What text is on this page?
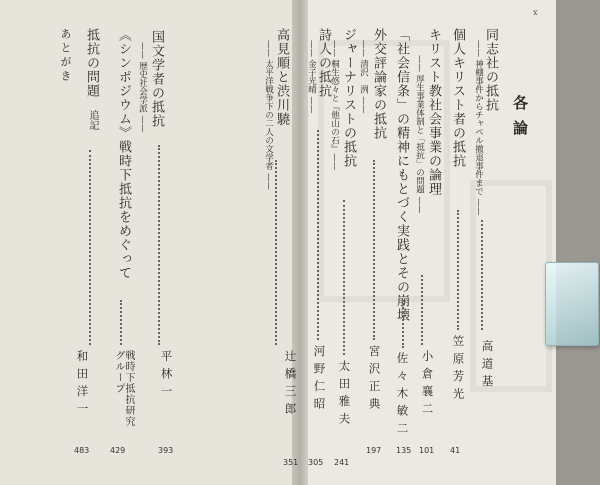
x
各論
同志社の抵抗
—— 神棚事件からチャペル撤退事件まで ——
高道基
個人キリスト者の抵抗
笠原芳光
41
キリスト教社会事業の論理
—— 厚生事業体制と「抵抗」の問題 ——
小倉襄二
101
「社会信条」の精神にもとづく実践とその崩壊
佐々木敏二
135
外交評論家の抵抗
—— 清沢　洌 ——
宮沢正典
197
ジャーナリストの抵抗
—— 桐生悠々と『他山の石』——
太田雅夫
241
詩人の抵抗
—— 金子光晴 ——
河野仁昭
305
高見順と渋川驍
—— 太平洋戦争下の二人の文学者 ——
辻橋三郎
351
国文学者の抵抗
—— 歴史社会学派 ——
平林一
393
《シンポジウム》戦時下抵抗をめぐって
戦時下抵抗研究グループ
429
抵抗の問題
追記
和田洋一
483
あとがき
